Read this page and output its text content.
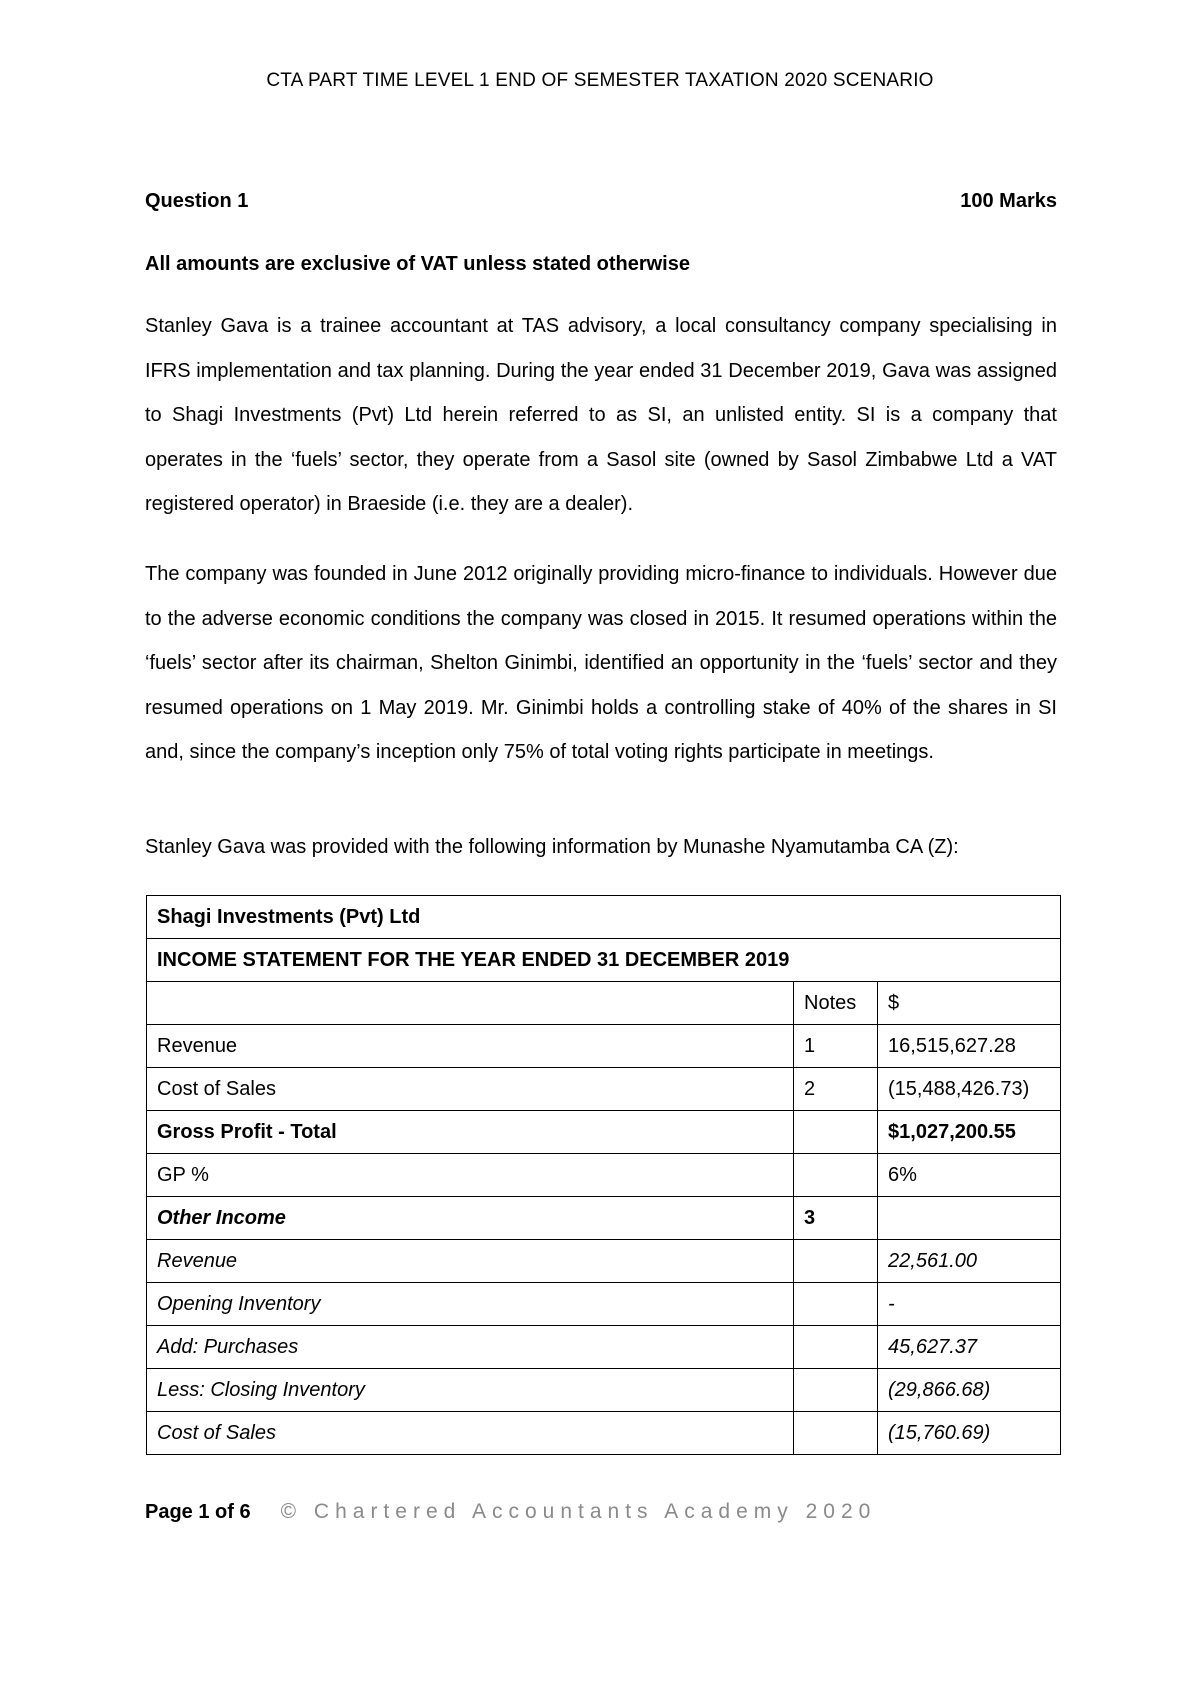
CTA PART TIME LEVEL 1 END OF SEMESTER TAXATION 2020 SCENARIO
Question 1	100 Marks
All amounts are exclusive of VAT unless stated otherwise

Stanley Gava is a trainee accountant at TAS advisory, a local consultancy company specialising in IFRS implementation and tax planning. During the year ended 31 December 2019, Gava was assigned to Shagi Investments (Pvt) Ltd herein referred to as SI, an unlisted entity. SI is a company that operates in the ‘fuels’ sector, they operate from a Sasol site (owned by Sasol Zimbabwe Ltd a VAT registered operator) in Braeside (i.e. they are a dealer).

The company was founded in June 2012 originally providing micro-finance to individuals. However due to the adverse economic conditions the company was closed in 2015. It resumed operations within the ‘fuels’ sector after its chairman, Shelton Ginimbi, identified an opportunity in the ‘fuels’ sector and they resumed operations on 1 May 2019. Mr. Ginimbi holds a controlling stake of 40% of the shares in SI and, since the company’s inception only 75% of total voting rights participate in meetings.

Stanley Gava was provided with the following information by Munashe Nyamutamba CA (Z):

Shagi Investments (Pvt) Ltd		
INCOME STATEMENT FOR THE YEAR ENDED 31 DECEMBER 2019		
	Notes	$
Revenue	1	16,515,627.28
Cost of Sales	2	(15,488,426.73)
Gross Profit - Total		$1,027,200.55
GP %		6%
Other Income	3	
Revenue		22,561.00
Opening Inventory		-
Add: Purchases		45,627.37
Less: Closing Inventory		(29,866.68)
Cost of Sales		(15,760.69)
Page 1 of 6 © Chartered Accountants Academy 2020
